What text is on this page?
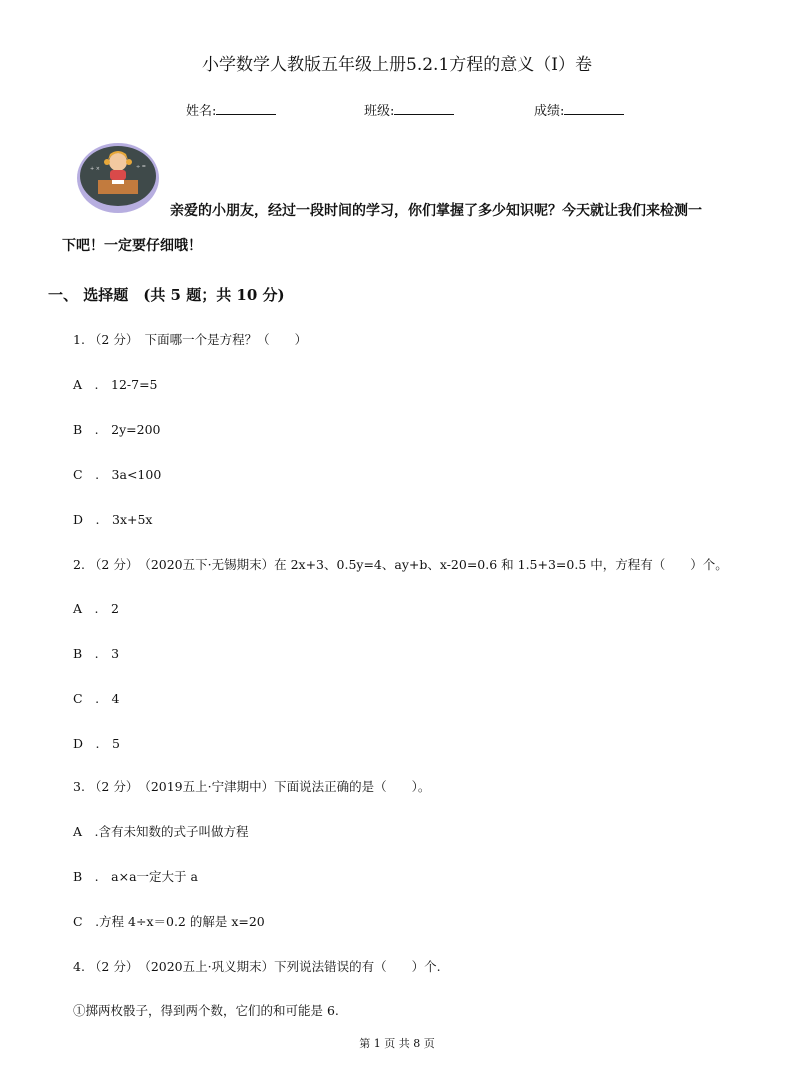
小学数学人教版五年级上册5.2.1方程的意义（I）卷
姓名:	班级:	成绩:
+ ×	÷ =
亲爱的小朋友，经过一段时间的学习，你们掌握了多少知识呢？今天就让我们来检测一
下吧！一定要仔细哦！
一、 选择题　(共 5 题；共 10 分)
1. （2 分）　下面哪一个是方程？（　　）
A　.　12-7=5
B　.　2y=200
C　.　3a<100
D　.　3x+5x
2. （2 分）　（2020五下·无锡期末）在 2x+3、0.5y=4、ay+b、x-20=0.6 和 1.5+3=0.5 中，方程有（　　）个。
A　.　2
B　.　3
C　.　4
D　.　5
3. （2 分）　（2019五上·宁津期中）下面说法正确的是（　　）。
A　.含有未知数的式子叫做方程
B　.　a×a一定大于 a
C　.方程 4÷x＝0.2 的解是 x=20
4. （2 分）　（2020五上·巩义期末）下列说法错误的有（　　）个.
①掷两枚骰子，得到两个数，它们的和可能是 6.
第 1 页 共 8 页
